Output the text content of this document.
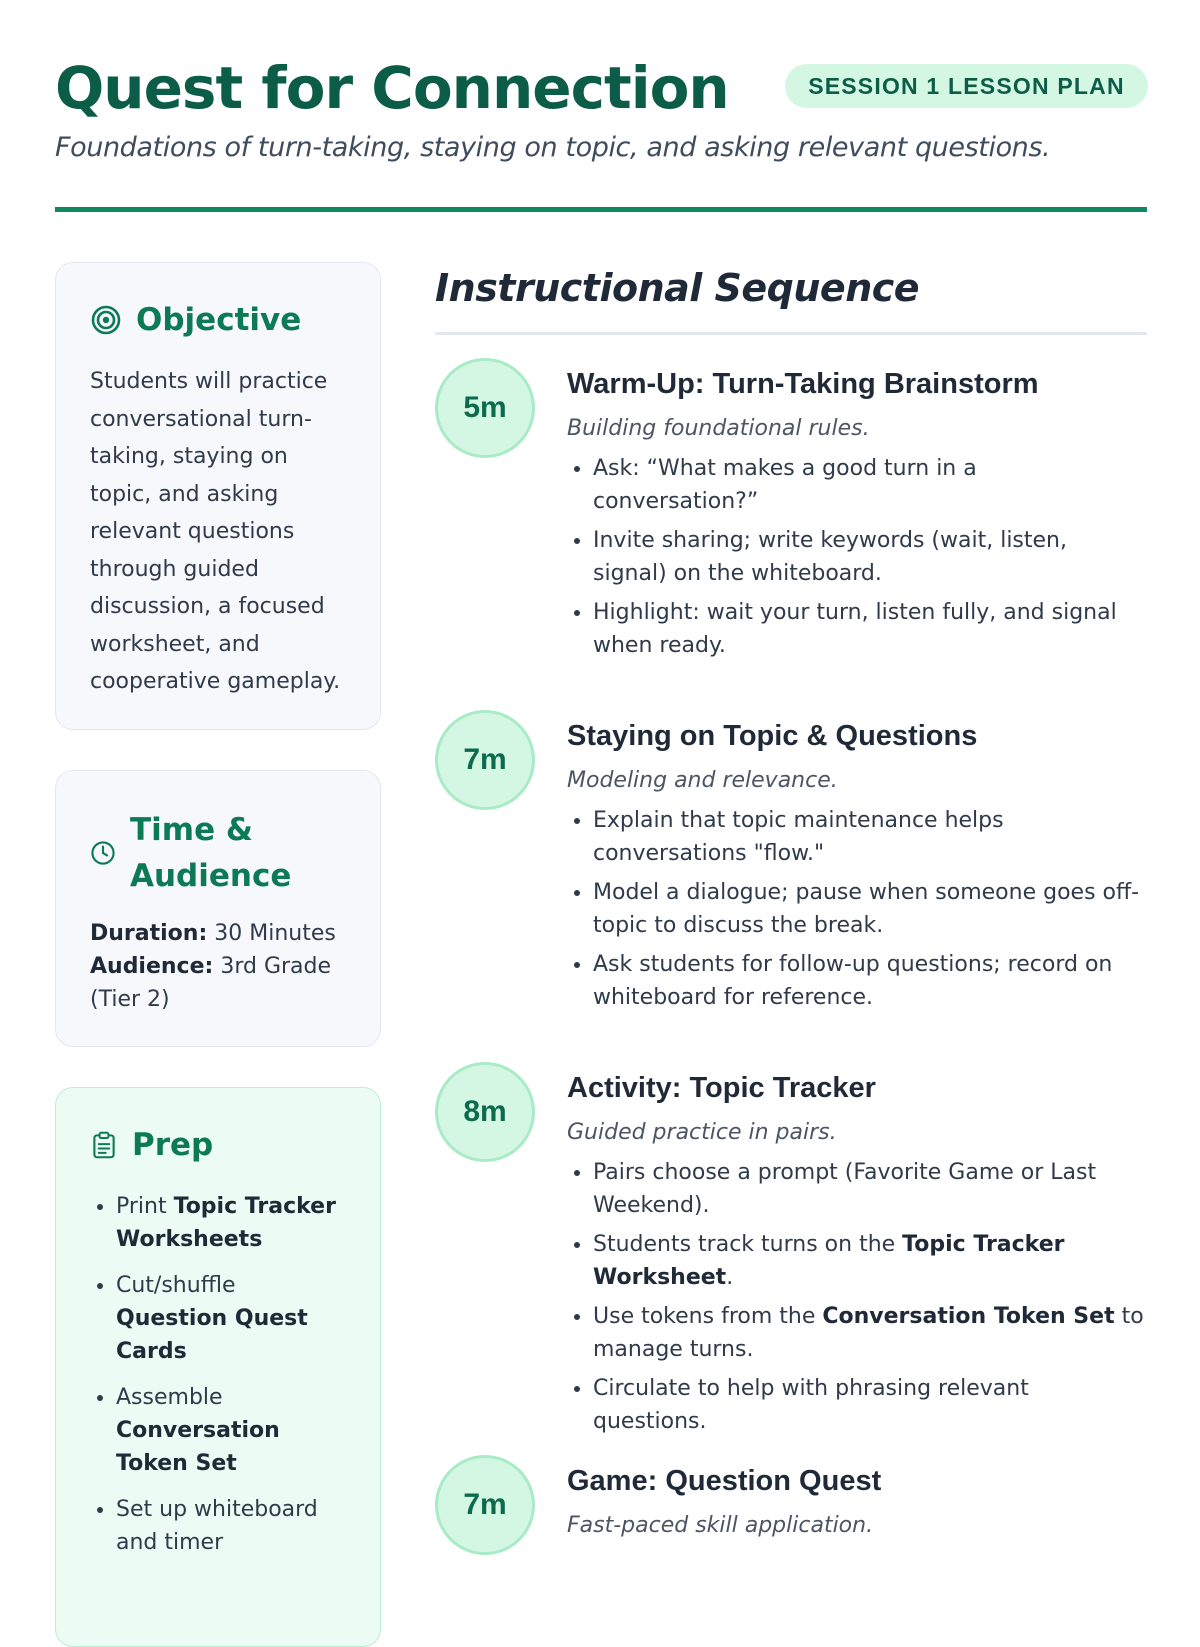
Quest for Connection	SESSION 1 LESSON PLAN

Foundations of turn-taking, staying on topic, and asking relevant questions.

Objective

Students will practice conversational turn-taking, staying on topic, and asking relevant questions through guided discussion, a focused worksheet, and cooperative gameplay.

Time & Audience

Duration: 30 Minutes

Audience: 3rd Grade (Tier 2)

Prep
• Print Topic Tracker Worksheets
• Cut/shuffle Question Quest Cards
• Assemble Conversation Token Set
• Set up whiteboard and timer
Instructional Sequence
5m
Warm-Up: Turn-Taking Brainstorm

Building foundational rules.

• Ask: “What makes a good turn in a conversation?”
• Invite sharing; write keywords (wait, listen, signal) on the whiteboard.
• Highlight: wait your turn, listen fully, and signal when ready.
7m
Staying on Topic & Questions

Modeling and relevance.

• Explain that topic maintenance helps conversations "flow."
• Model a dialogue; pause when someone goes off-topic to discuss the break.
• Ask students for follow-up questions; record on whiteboard for reference.
8m
Activity: Topic Tracker

Guided practice in pairs.

• Pairs choose a prompt (Favorite Game or Last Weekend).
• Students track turns on the Topic Tracker Worksheet.
• Use tokens from the Conversation Token Set to manage turns.
• Circulate to help with phrasing relevant questions.
7m
Game: Question Quest

Fast-paced skill application.
